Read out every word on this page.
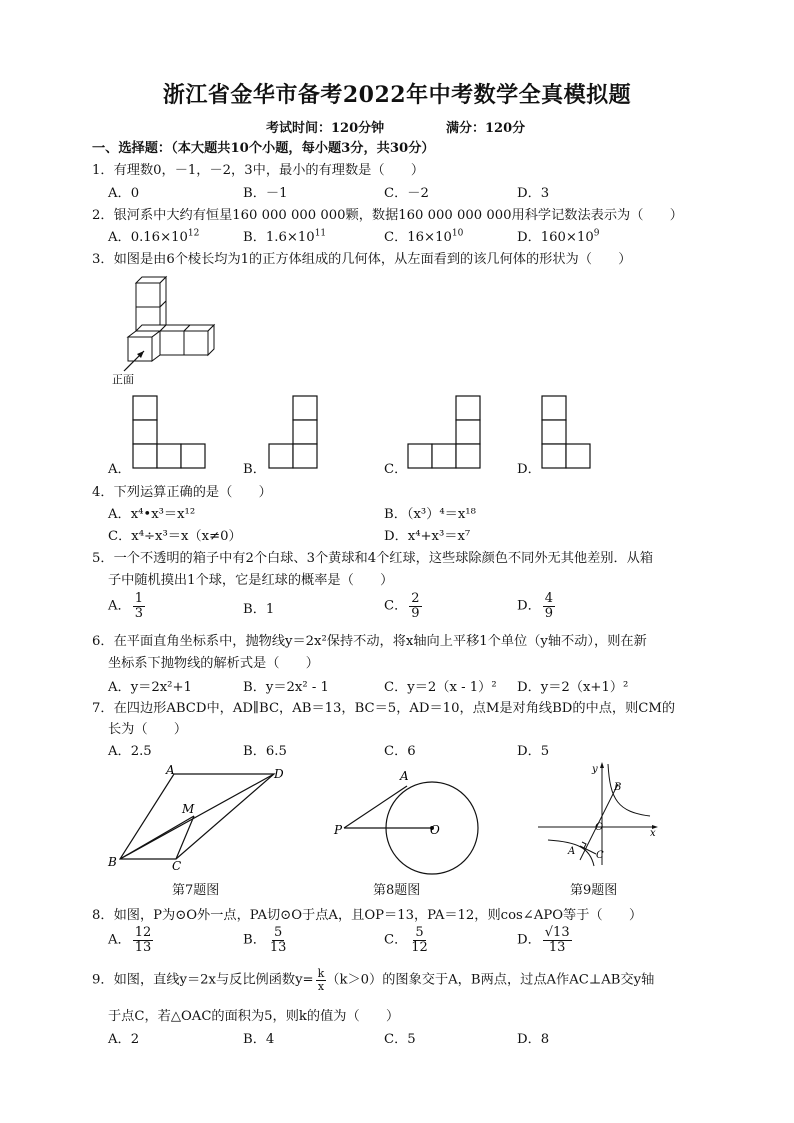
浙江省金华市备考2022年中考数学全真模拟题
考试时间：120分钟	满分：120分
一、选择题：（本大题共10个小题，每小题3分，共30分）
1．有理数0，－1，－2，3中，最小的有理数是（　　）
A．0	B．－1	C．－2	D．3
2．银河系中大约有恒星160 000 000 000颗，数据160 000 000 000用科学记数法表示为（　　）
A．$0.16\times 10^{12}$	B．$1.6\times 10^{11}$	C．$16\times 10^{10}$	D．$160\times 10^9$
3．如图是由6个棱长均为1的正方体组成的几何体，从左面看到的该几何体的形状为（　　）
正面
A．	B．	C．	D．
4．下列运算正确的是（　　）
A．x⁴•x³＝x¹²	B．（x³）⁴＝x¹⁸
C．x⁴÷x³＝x（x≠0）	D．x⁴+x³＝x⁷
5．一个不透明的箱子中有2个白球、3个黄球和4个红球，这些球除颜色不同外无其他差别．从箱
子中随机摸出1个球，它是红球的概率是（　　）
A． $\frac{1}{3}$	B．1	C． $\frac{2}{9}$	D． $\frac{4}{9}$
6．在平面直角坐标系中，抛物线y＝2x²保持不动，将x轴向上平移1个单位（y轴不动），则在新
坐标系下抛物线的解析式是（　　）
A．y＝2x²+1	B．y＝2x² - 1	C．y＝2（x - 1）² D．y＝2（x+1）²
7．在四边形ABCD中，AD∥BC，AB＝13，BC＝5，AD＝10，点M是对角线BD的中点，则CM的
长为（　　）
A．2.5	B．6.5	C．6	D．5
A	D
M
B	C
第7题图
A
P	O
第8题图
y
B
O
x
A C
第9题图
8．如图，P为⊙O外一点，PA切⊙O于点A，且OP＝13，PA＝12，则cos∠APO等于（　　）
A． $\frac{12}{13}$	B． $\frac{5}{13}$	C． $\frac{5}{12}$	D． $\frac{√13}{13}$
9．如图，直线y＝2x与反比例函数$y= \frac{k}{x} (k>0)$的图象交于A，B两点，过点A作AC⊥AB交y轴
于点C，若△OAC的面积为5，则k的值为（　　）
A．2	B．4	C．5	D．8
